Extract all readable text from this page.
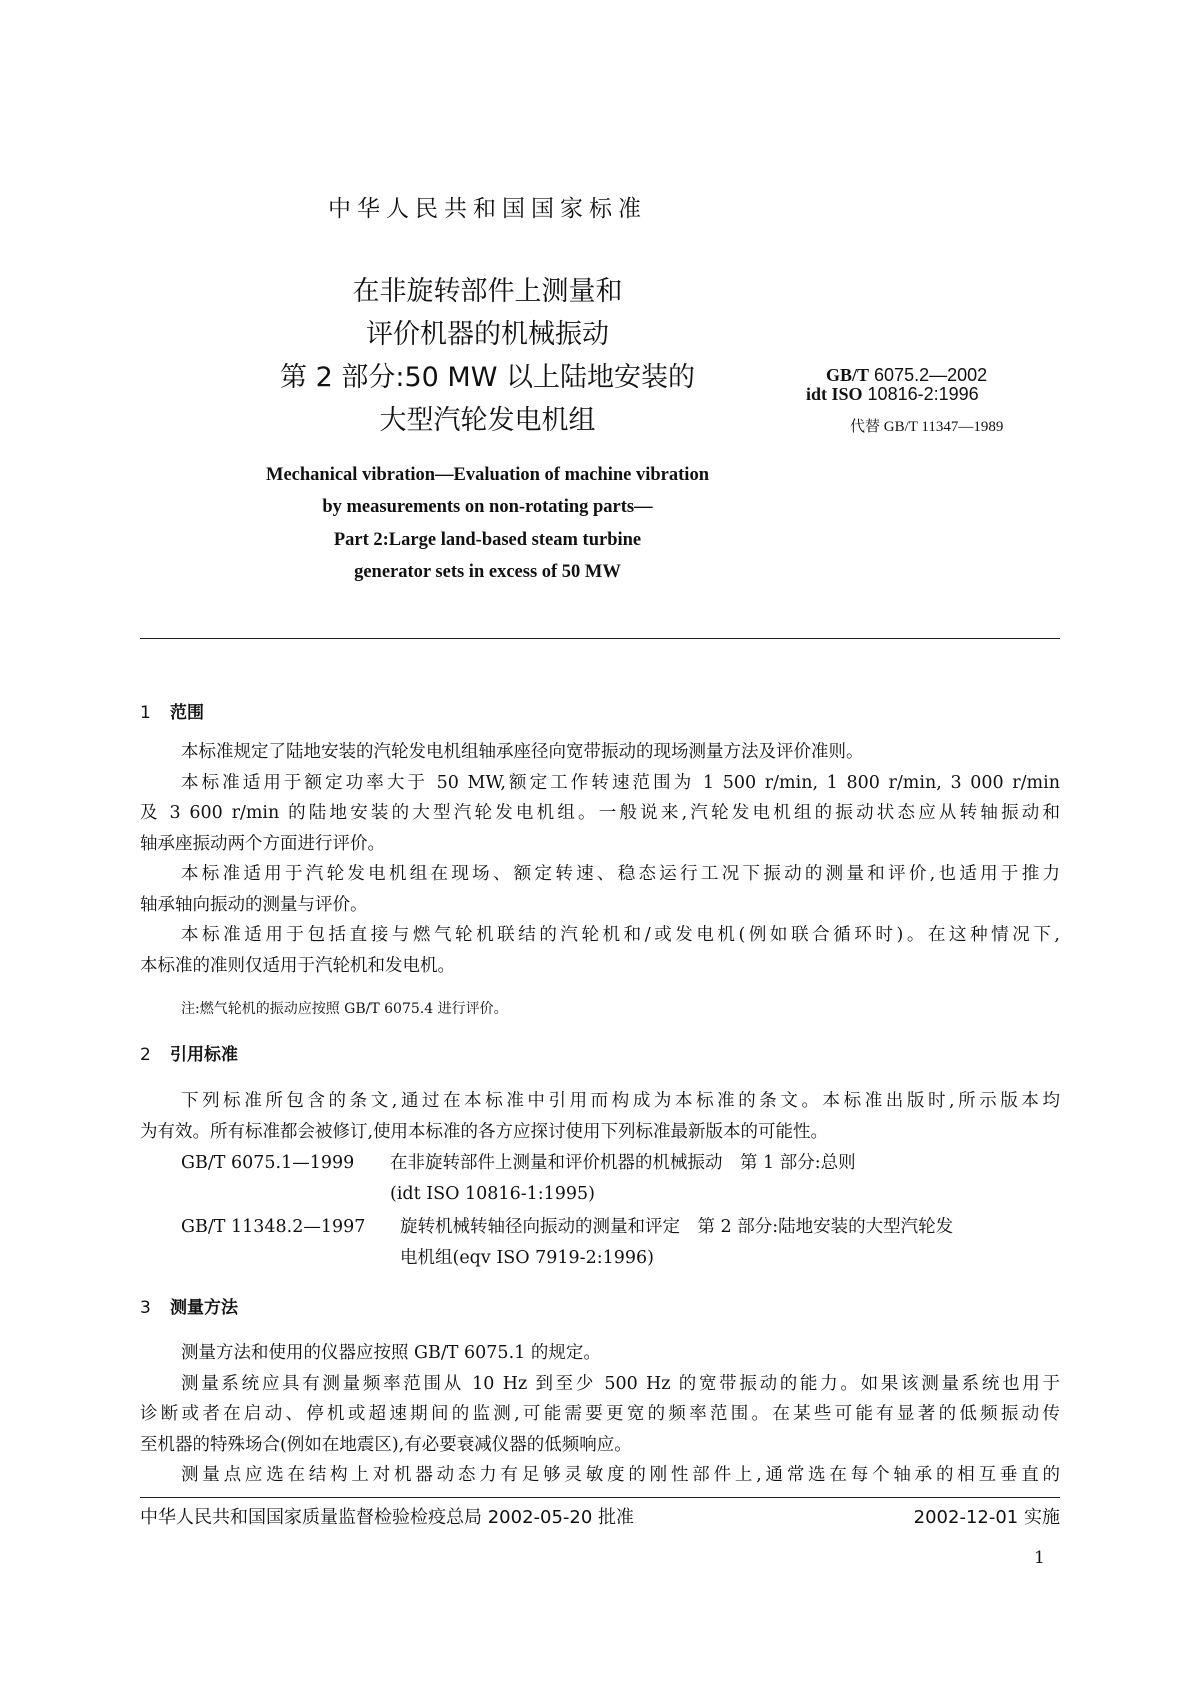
中华人民共和国国家标准
在非旋转部件上测量和
评价机器的机械振动
第 2 部分:50 MW 以上陆地安装的
大型汽轮发电机组
GB/T 6075.2—2002
idt ISO 10816-2:1996
代替 GB/T 11347—1989
Mechanical vibration—Evaluation of machine vibration
by measurements on non-rotating parts—
Part 2:Large land-based steam turbine
generator sets in excess of 50 MW
1 范围
本标准规定了陆地安装的汽轮发电机组轴承座径向宽带振动的现场测量方法及评价准则。
本标准适用于额定功率大于 50 MW,额定工作转速范围为 1 500 r/min, 1 800 r/min, 3 000 r/min
及 3 600 r/min 的陆地安装的大型汽轮发电机组。一般说来,汽轮发电机组的振动状态应从转轴振动和
轴承座振动两个方面进行评价。
本标准适用于汽轮发电机组在现场、额定转速、稳态运行工况下振动的测量和评价,也适用于推力
轴承轴向振动的测量与评价。
本标准适用于包括直接与燃气轮机联结的汽轮机和/或发电机(例如联合循环时)。在这种情况下,
本标准的准则仅适用于汽轮机和发电机。
注:燃气轮机的振动应按照 GB/T 6075.4 进行评价。
2 引用标准
下列标准所包含的条文,通过在本标准中引用而构成为本标准的条文。本标准出版时,所示版本均
为有效。所有标准都会被修订,使用本标准的各方应探讨使用下列标准最新版本的可能性。
GB/T 6075.1—1999 在非旋转部件上测量和评价机器的机械振动　第 1 部分:总则
(idt ISO 10816-1:1995)
GB/T 11348.2—1997 旋转机械转轴径向振动的测量和评定　第 2 部分:陆地安装的大型汽轮发
电机组(eqv ISO 7919-2:1996)
3 测量方法
测量方法和使用的仪器应按照 GB/T 6075.1 的规定。
测量系统应具有测量频率范围从 10 Hz 到至少 500 Hz 的宽带振动的能力。如果该测量系统也用于
诊断或者在启动、停机或超速期间的监测,可能需要更宽的频率范围。在某些可能有显著的低频振动传
至机器的特殊场合(例如在地震区),有必要衰减仪器的低频响应。
测量点应选在结构上对机器动态力有足够灵敏度的刚性部件上,通常选在每个轴承的相互垂直的
中华人民共和国国家质量监督检验检疫总局 2002-05-20 批准	2002-12-01 实施
1
